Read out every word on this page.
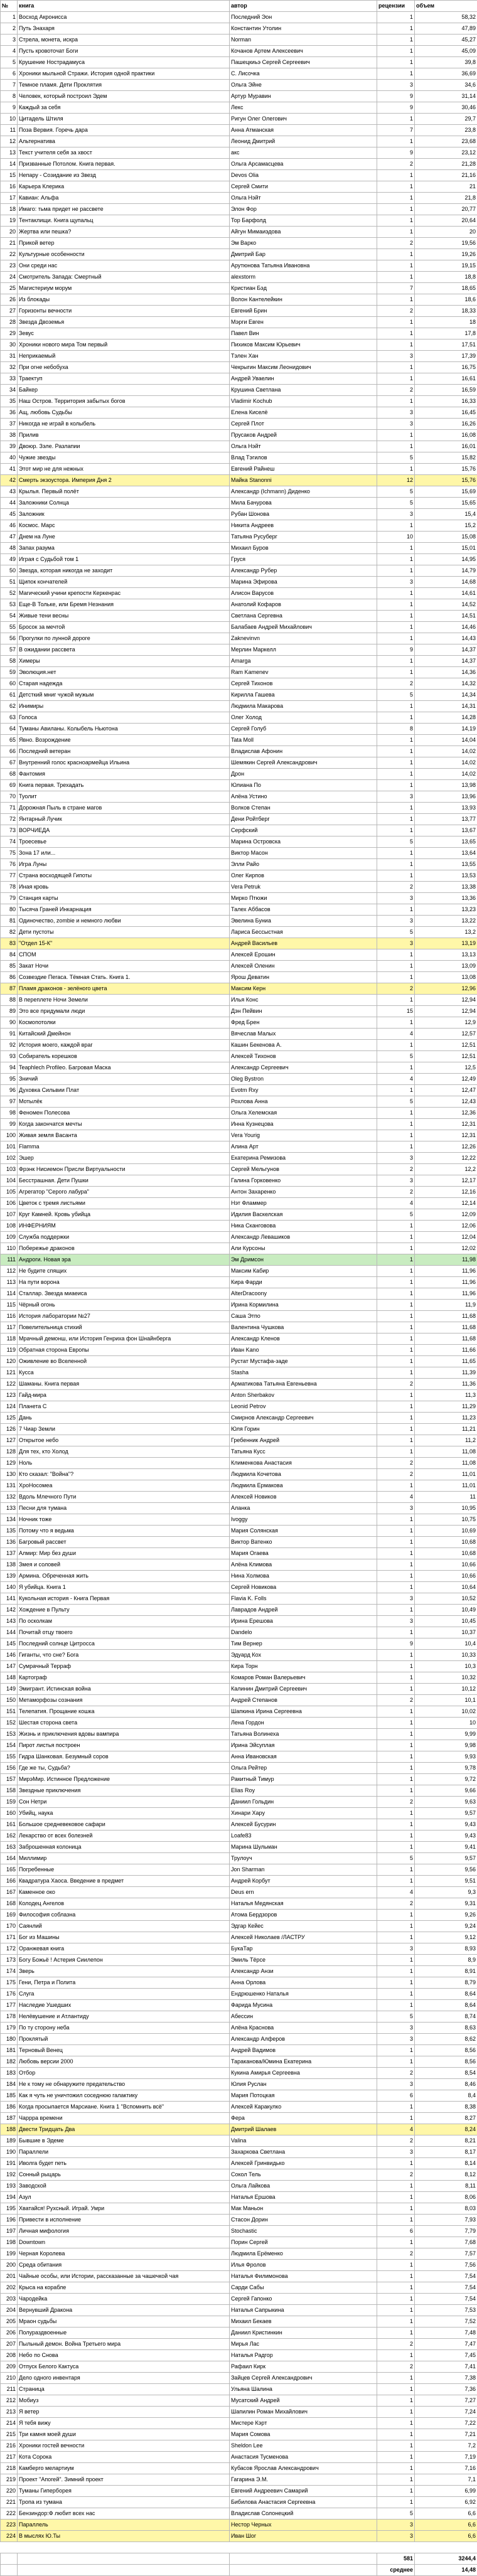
№	книга	автор	рецензии	объем
1	Восход Акронисса	Последний Эон	1	58,32
2	Путь Знахаря	Константин Утолин	1	47,89
3	Стрела, монета, искра	Norman	1	45,27
4	Пусть кровоточат Боги	Кочанов Артем Алексеевич	1	45,09
5	Крушение Нострадамуса	Пашецкиьэ Сергей Сергеевич	1	39,8
6	Хроники мыльной Стражи. История одной практики	С. Лисочка	1	36,69
7	Темное пламя. Дети Проклятия	Ольга Эйне	3	34,6
8	Человек, который построил Эдем	Артур Муравин	9	31,14
9	Каждый за себя	Лекс	9	30,46
10	Цитадель Штиля	Ригун Олег Олегович	1	29,7
11	Поза Вервия. Горечь дара	Анна Атманская	7	23,8
12	Альтернатива	Леонид Дмитрий	1	23,68
13	Текст учителя себя за хвост	акс	9	23,12
14	Призванные Потолом. Книга первая.	Ольга Арсамасцева	2	21,28
15	Непару - Созидание из Звезд	Devos Olia	1	21,16
16	Карьера Клерика	Сергей Смити	1	21
17	Кавиан: Альфа	Ольга Нэйт	1	21,8
18	Имаго: тьма придет не рассвете	Элон Фор	1	20,77
19	Тентаклищи. Книга щупальц	Тор Барфолд	1	20,64
20	Жертва или пешка?	Айгун Мимаиэдова	1	20
21	Прикой ветер	Эм Варко	2	19,56
22	Культурные особенности	Дмитрий Бар	1	19,26
23	Они среди нас	Арутюнова Татьяна Ивановна	1	19,15
24	Смотритель Запада: Смертный	alexstorm	1	18,8
25	Магистериум морум	Кристиан Бэд	7	18,65
26	Из блокады	Волон Кантелейкин	1	18,6
27	Горизонты вечности	Евгений Брин	2	18,33
28	Звезда Двоземья	Мэрги Евген	1	18
29	Зевус	Павел Вин	1	17,8
30	Хроники нового мира Том первый	Пихиков Максим Юрьевич	1	17,51
31	Неприкаемый	Тэлен Хан	3	17,39
32	При огне небобуха	Чекрыгин Максим Леонидович	1	16,75
33	Траектуп	Андрей Уваелин	1	16,61
34	Байкер	Крушина Светлана	2	16,59
35	Наш Остров. Территория забытых богов	Vladimir Kochub	1	16,33
36	Ащ, любовь Судьбы	Елена Киселё	3	16,45
37	Никогда не играй в колыбель	Сергей Плот	3	16,26
38	Прилив	Прусаков Андрей	1	16,08
39	Двоюр. Зэле. Разлапии	Ольга Нэйт	1	16,01
40	Чужие звезды	Влад Тэгилов	5	15,82
41	Этот мир не для нежных	Евгений Райнеш	1	15,76
42	Смерть экзоустора. Империя Дня 2	Майка Stanonni	12	15,76
43	Крылья. Первый полёт	Александр (Ichmann) Диденко	5	15,69
44	Заложники Солнца	Мила Бачурова	5	15,65
45	Заложник	Рубан Шонова	3	15,4
46	Космос. Марс	Никита Андреев	1	15,2
47	Днем на Луне	Татьяна Русуберг	10	15,08
48	Запах разума	Михаил Буров	1	15,01
49	Играя с Судьбой том 1	Груся	1	14,95
50	Звезда, которая никогда не заходит	Александр Рубер	1	14,79
51	Щипок кончателей	Марина Эфирова	3	14,68
52	Магический учини крепости Керкенрас	Алисон Варусов	1	14,61
53	Еще-В Тольке, или Бремя Незнания	Анатолий Кофаров	1	14,52
54	Живые тени весны	Светлана Сергевна	1	14,51
55	Бросок за мечтой	Балабаев Андрей Михайлович	1	14,46
56	Прогулки по лунной дороге	Zaknevinvn	1	14,43
57	В ожидании рассвета	Мерлин Маркелл	9	14,37
58	Химеры	Amarga	1	14,37
59	Эволюция.нет	Ram Kamenev	1	14,36
60	Старая надежда	Сергей Тихонов	2	14,32
61	Детсткий мниг чужой мужым	Кирилла Гашева	5	14,34
62	Инимиры	Людмила Макарова	1	14,31
63	Голоса	Олег Холод	1	14,28
64	Туманы Авиланы. Колыбель Ньютона	Сергей Голуб	8	14,19
65	Явно. Возрождение	Tata Moll	1	14,04
66	Последний ветеран	Владислав Афонин	1	14,02
67	Внутренний голос красноармейца Ильина	Шемякин Сергей Александрович	1	14,02
68	Фантомия	Дрон	1	14,02
69	Книга первая. Трехадать	Юлиана По	1	13,98
70	Туолит	Алёна Устино	3	13,96
71	Дорожная Пыль в стране магов	Волков Степан	1	13,93
72	Янтарный Лучик	Дени Ройтберг	1	13,77
73	ВОРЧИЕДА	Серфский	1	13,67
74	Троесевье	Марина Островска	5	13,65
75	Зона 17 или...	Виктор Масон	1	13,64
76	Игра Луны	Элли Райо	1	13,55
77	Страна восходящей Гипоты	Олег Кирпов	1	13,53
78	Иная кровь	Vera Petruk	2	13,38
79	Станция карты	Мирко Птюжи	3	13,36
80	Тысяча Граней Инкарнация	Талех Аббасов	1	13,23
81	Одиночество, zombie и немного любви	Эвелина Буниа	3	13,22
82	Дети пустоты	Лариса Бессыстная	5	13,2
83	"Отдел 15-К"	Андрей Васильев	3	13,19
84	СПОМ	Алексей Ерошин	1	13,13
85	Закат Ночи	Алексей Оленин	1	13,09
86	Созвездие Пегаса. Тёмная Стать. Книга 1.	Ярош Деватин	1	13,08
87	Пламя драконов - зелёного цвета	Максим Керн	2	12,96
88	В переплете Ночи Земели	Илья Конс	1	12,94
89	Это все придумали люди	Дэн Пейвин	15	12,94
90	Космопотолки	Фред Брен	1	12,9
91	Китайский Дмейнон	Вячеслав Малых	4	12,57
92	История моего, каждой враг	Кашин Бекенова А.	1	12,51
93	Собиратель корешков	Алексей Тихонов	5	12,51
94	Teaphlech Profileo. Багровая Маска	Александр Сергеевич	1	12,5
95	Зничий	Oleg Bystron	4	12,49
96	Духовка Сильвии Плат	Evotm Rxy	1	12,47
97	Мотылёк	Рохлова Анна	5	12,43
98	Феномен Полесова	Ольга Хелемская	1	12,36
99	Когда закончатся мечты	Инна Кузнецова	1	12,31
100	Живая земля Васанта	Vera Yourig	1	12,31
101	Flamma	Алина Арт	1	12,26
102	Эшер	Екатерина Ремизова	3	12,22
103	Фрэнк Нисиемон Присли Виртуальности	Сергей Мельгунов	2	12,2
104	Бесстрашная. Дети Пушки	Галина Горковенко	3	12,17
105	Агрегатор "Серого лабура"	Антон Захаренко	2	12,16
106	Цветок с тремя листьями	Нэт Фламмер	4	12,14
107	Круг Камней. Кровь убийца	Идилия Васкелская	5	12,09
108	ИНФЕРНИЯМ	Ника Сканговова	1	12,06
109	Служба поддержки	Александр Левашиков	1	12,04
110	Побережье драконов	Али Курсоны	1	12,02
111	Андроги. Новая эра	Эм Дримсон	1	11,98
112	Не будите спящих	Максим Кабир	1	11,96
113	На пути ворона	Кира Фарди	1	11,96
114	Сталлар. Звезда миаеиса	AlterDracoony	1	11,96
115	Чёрный огонь	Ирина Кормилина	1	11,9
116	История лаборатории №27	Саша Этпо	1	11,68
117	Повелительница стихий	Валентина Чушкова	1	11,68
118	Мрачный демонш, или История Генриха фон Шнайнберга	Александр Кленов	1	11,68
119	Обратная сторона Европы	Иван Kano	1	11,66
120	Оживление во Вселенной	Рустат Мустафа-заде	1	11,65
121	Кусса	Stasha	1	11,39
122	Шаманы. Книга первая	Арматикова Татьяна Евгеньевна	2	11,36
123	Гайд-мира	Anton Sherbakov	1	11,3
124	Планета С	Leonid Petrov	1	11,29
125	Дань	Смирнов Александр Сергеевич	1	11,23
126	7 Чиар Земли	Юля Горин	1	11,21
127	Открытое небо	Гребенник Андрей	1	11,2
128	Для тех, кто Холод	Татьяна Кусс	1	11,08
129	Ноль	Клименкова Анастасия	2	11,08
130	Кто сказал: "Война"?	Людмила Кочетова	2	11,01
131	ХроНосомеа	Людмила Ермакова	1	11,01
132	Вдоль Млечного Пути	Алексей Новиков	4	11
133	Песни для тумана	Аланка	3	10,95
134	Ночник тоже	Ivoggy	1	10,75
135	Потому что я ведьма	Мария Солянская	1	10,69
136	Багровый рассвет	Виктор Ватенко	1	10,68
137	Алмир: Мир без души	Мария Огаева	1	10,68
138	Змея и соловей	Алёна Климова	1	10,66
139	Армина. Обреченная жить	Нина Холмова	1	10,66
140	Я убийца. Книга 1	Сергей Новикова	1	10,64
141	Кукольная история - Книга Первая	Flavia K. Folls	3	10,52
142	Хождение в Пульту	Лаврадов Андрей	1	10,49
143	По осколкам	Ирина Ерешова	3	10,45
144	Почитай отцу твоего	Dandelo	1	10,37
145	Последний солнце Цитросса	Тим Вернер	9	10,4
146	Гиганты, что сне? Бога	Эдуард Кох	1	10,33
147	Сумрачный Терраф	Кира Торн	1	10,3
148	Картограф	Комаров Роман Валерьевич	1	10,32
149	Эмигрант. Истинская война	Калинин Дмитрий Сергеевич	1	10,12
150	Метаморфозы сознания	Андрей Степанов	2	10,1
151	Телепатия. Прощание кошка	Шапкина Ирина Сергеевна	1	10,02
152	Шестая сторона света	Лена Гордон	1	10
153	Жизнь и приключения вдовы вампира	Татьяна Волинеха	1	9,99
154	Пирот листья построен	Ирина Эйсуплая	1	9,98
155	Гидра Шанковая. Безумный соров	Анна Ивановская	1	9,93
156	Где же ты, Судьба?	Ольга Рейтер	1	9,78
157	МирэМир. Истинное Предложение	Ракитный Тимур	1	9,72
158	Звездные приключения	Elias Roy	1	9,66
159	Сон Нетри	Даниил Гольдин	2	9,63
160	Убийц, наука	Хинари Хару	1	9,57
161	Большое средневековое сафари	Алексей Бусурин	1	9,43
162	Лекарство от всех болезней	Loafe83	1	9,43
163	Заброшенная колоница	Марина Шульман	1	9,41
164	Миллимир	Трулоуч	5	9,57
165	Погребенные	Jon Sharman	1	9,56
166	Квадратура Хаоса. Введение в предмет	Андрей Корбут	1	9,51
167	Каменное око	Deus ern	4	9,3
168	Колодец Ангелов	Наталья Медянская	2	9,31
169	Философия соблазна	Атома Бердзоров	1	9,26
170	Саянлий	Эдгар Кейес	1	9,24
171	Бог из Машины	Алексей Николаев /ЛАСТРУ	1	9,12
172	Оранжевая книга	БукаТар	3	8,93
173	Богу Божьё ! Астерия Сиилепон	Эмиль Тёрсе	1	8,9
174	Зверь	Александр Анзи	1	8,91
175	Гени, Петра и Полита	Анна Орлова	1	8,79
176	Слуга	Ендрюшенко Наталья	1	8,64
177	Наследие Ушедших	Фарида Мусина	1	8,64
178	Нелёвушение и Атлантиду	Абессин	5	8,74
179	По ту сторону неба	Алёна Краснова	3	8,63
180	Проклятый	Александр Алферов	3	8,62
181	Терновый Венец	Андрей Вадимов	1	8,56
182	Любовь версии 2000	Тараканова/Юмина Екатерина	1	8,56
183	Отбор	Кукина Амирья Сергеевна	2	8,54
184	Не к тому не обнаружите предательство	Юлия Руслан	3	8,46
185	Как я чуть не уничтожил соседнюю галактику	Мария Потоцкая	6	8,4
186	Когда просыпается Марсиане. Книга 1 "Вспомнить всё"	Алексей Каракулко	1	8,38
187	Чаррра времени	Фера	1	8,27
188	Двести Тридцать Два	Дмитрий Шалаев	4	8,24
189	Бывшие в Эдеме	Valina	2	8,21
190	Параллели	Захаркова Светлана	3	8,17
191	Иволга будет петь	Алексей Гринвидько	1	8,14
192	Сонный рыцарь	Сокол Тель	2	8,12
193	Заводской	Ольга Лайкова	1	8,11
194	Азул	Наталья Ершова	1	8,06
195	Хватайся! Рухсный. Играй. Умри	Мак Маньон	1	8,03
196	Привести в исполнение	Стасон Дорин	1	7,93
197	Личная мифология	Stochastic	6	7,79
198	Downtown	Порин Сергей	1	7,68
199	Черная Королева	Людмила Ерёменко	2	7,57
200	Среда обитания	Илья Фролов	1	7,56
201	Чайные особы, или Истории, рассказанные за чашечкой чая	Наталья Филимонова	1	7,54
202	Крыса на корабле	Сарди Сабы	1	7,54
203	Чародейка	Сергей Гапонко	1	7,54
204	Вернувший Дракона	Наталья Сапрыкина	1	7,53
205	Мраон судьбы	Михаил Бекаев	1	7,52
206	Полураздвоенные	Даниил Кристинкин	1	7,48
207	Пыльный демон. Война Третьего мира	Мирья Лас	2	7,47
208	Небо по Снова	Наталья Радгор	1	7,45
209	Отпуск Белого Кактуса	Рафаил Кирк	2	7,41
210	Дело одного инвентаря	Зайцев Сергей Александрович	1	7,38
211	Страница	Ульяна Шалина	1	7,36
212	Мобиуз	Мусатский Андрей	1	7,27
213	Я ветер	Шапилин Роман Михайлович	1	7,24
214	Я тебя вижу	Мистере Кэрт	1	7,22
215	Три камня моей души	Мария Сомова	1	7,21
216	Хроники гостей вечности	Sheldon Lee	1	7,2
217	Кота Сорока	Анастасия Тусменова	1	7,19
218	Камберго мелартиум	Кубасов Ярослав Александрович	1	7,16
219	Проект "Апогей". Зимний проект	Гагарина Э.М.	1	7,1
220	Туманы Гиперборея	Евгений Андреевич Самарий	1	6,99
221	Тропа из тумана	Бибилова Анастасия Сергеевна	1	6,92
222	Бензиндор:Ф любит всех нас	Владислав Солонецкий	5	6,6
223	Параллель	Нестор Черных	3	6,6
224	В мыслях Ю.Ты	Иван Шог	3	6,6

			581	3244,4
			среднее	14,48
